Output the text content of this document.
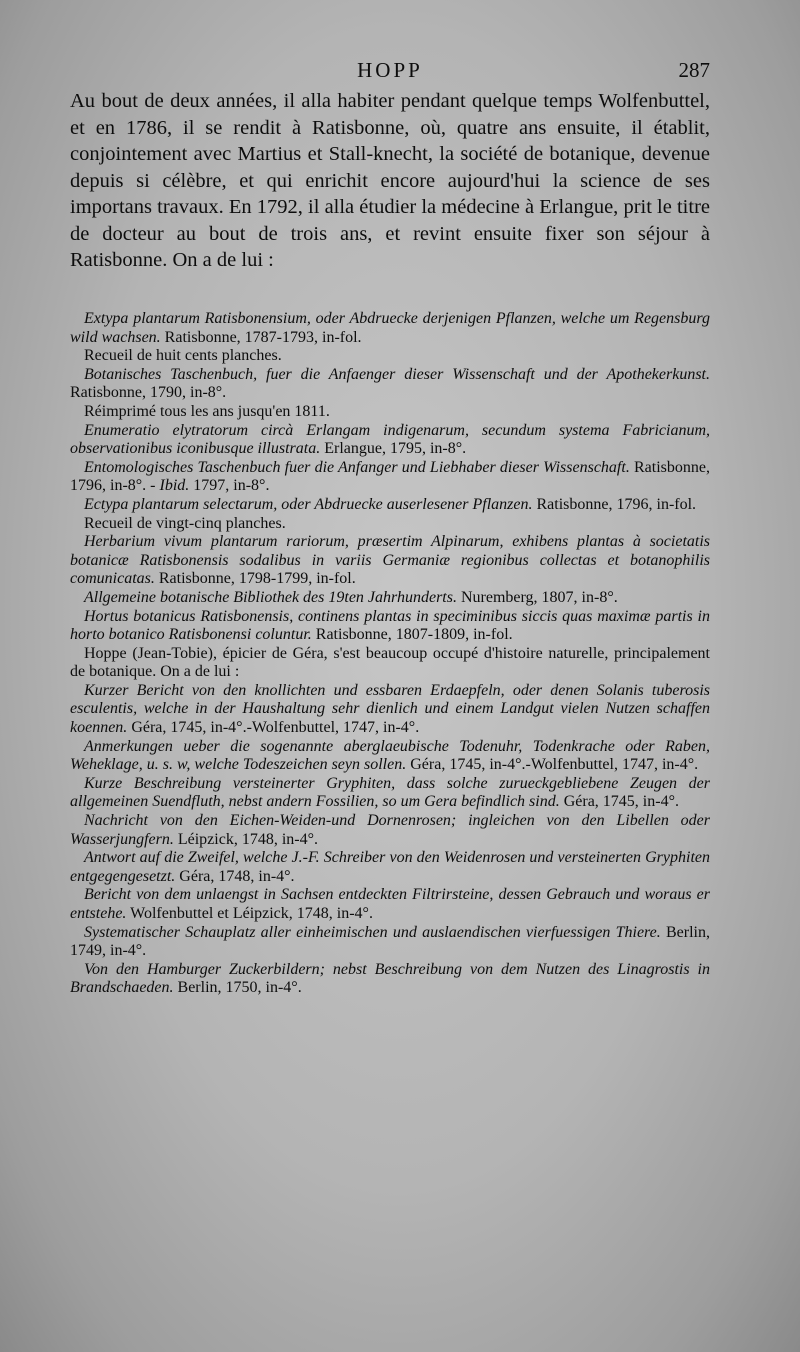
HOPP	287

Au bout de deux années, il alla habiter pendant quelque temps Wolfenbuttel, et en 1786, il se rendit à Ratisbonne, où, quatre ans ensuite, il établit, conjointement avec Martius et Stall-knecht, la société de botanique, devenue depuis si célèbre, et qui enrichit encore aujourd'hui la science de ses importans travaux. En 1792, il alla étudier la médecine à Erlangue, prit le titre de docteur au bout de trois ans, et revint ensuite fixer son séjour à Ratisbonne. On a de lui :

Extypa plantarum Ratisbonensium, oder Abdruecke derjenigen Pflanzen, welche um Regensburg wild wachsen. Ratisbonne, 1787-1793, in-fol.

Recueil de huit cents planches.

Botanisches Taschenbuch, fuer die Anfaenger dieser Wissenschaft und der Apothekerkunst. Ratisbonne, 1790, in-8°.

Réimprimé tous les ans jusqu'en 1811.

Enumeratio elytratorum circà Erlangam indigenarum, secundum systema Fabricianum, observationibus iconibusque illustrata. Erlangue, 1795, in-8°.

Entomologisches Taschenbuch fuer die Anfanger und Liebhaber dieser Wissenschaft. Ratisbonne, 1796, in-8°. - Ibid. 1797, in-8°.

Ectypa plantarum selectarum, oder Abdruecke auserlesener Pflanzen. Ratisbonne, 1796, in-fol.

Recueil de vingt-cinq planches.

Herbarium vivum plantarum rariorum, præsertim Alpinarum, exhibens plantas à societatis botanicæ Ratisbonensis sodalibus in variis Germaniæ regionibus collectas et botanophilis comunicatas. Ratisbonne, 1798-1799, in-fol.

Allgemeine botanische Bibliothek des 19ten Jahrhunderts. Nuremberg, 1807, in-8°.

Hortus botanicus Ratisbonensis, continens plantas in speciminibus siccis quas maximæ partis in horto botanico Ratisbonensi coluntur. Ratisbonne, 1807-1809, in-fol.

Hoppe (Jean-Tobie), épicier de Géra, s'est beaucoup occupé d'histoire naturelle, principalement de botanique. On a de lui :

Kurzer Bericht von den knollichten und essbaren Erdaepfeln, oder denen Solanis tuberosis esculentis, welche in der Haushaltung sehr dienlich und einem Landgut vielen Nutzen schaffen koennen. Géra, 1745, in-4°.-Wolfenbuttel, 1747, in-4°.

Anmerkungen ueber die sogenannte aberglaeubische Todenuhr, Todenkrache oder Raben, Weheklage, u. s. w, welche Todeszeichen seyn sollen. Géra, 1745, in-4°.-Wolfenbuttel, 1747, in-4°.

Kurze Beschreibung versteinerter Gryphiten, dass solche zurueckgebliebene Zeugen der allgemeinen Suendfluth, nebst andern Fossilien, so um Gera befindlich sind. Géra, 1745, in-4°.

Nachricht von den Eichen-Weiden-und Dornenrosen; ingleichen von den Libellen oder Wasserjungfern. Léipzick, 1748, in-4°.

Antwort auf die Zweifel, welche J.-F. Schreiber von den Weidenrosen und versteinerten Gryphiten entgegengesetzt. Géra, 1748, in-4°.

Bericht von dem unlaengst in Sachsen entdeckten Filtrirsteine, dessen Gebrauch und woraus er entstehe. Wolfenbuttel et Léipzick, 1748, in-4°.

Systematischer Schauplatz aller einheimischen und auslaendischen vierfuessigen Thiere. Berlin, 1749, in-4°.

Von den Hamburger Zuckerbildern; nebst Beschreibung von dem Nutzen des Linagrostis in Brandschaeden. Berlin, 1750, in-4°.
